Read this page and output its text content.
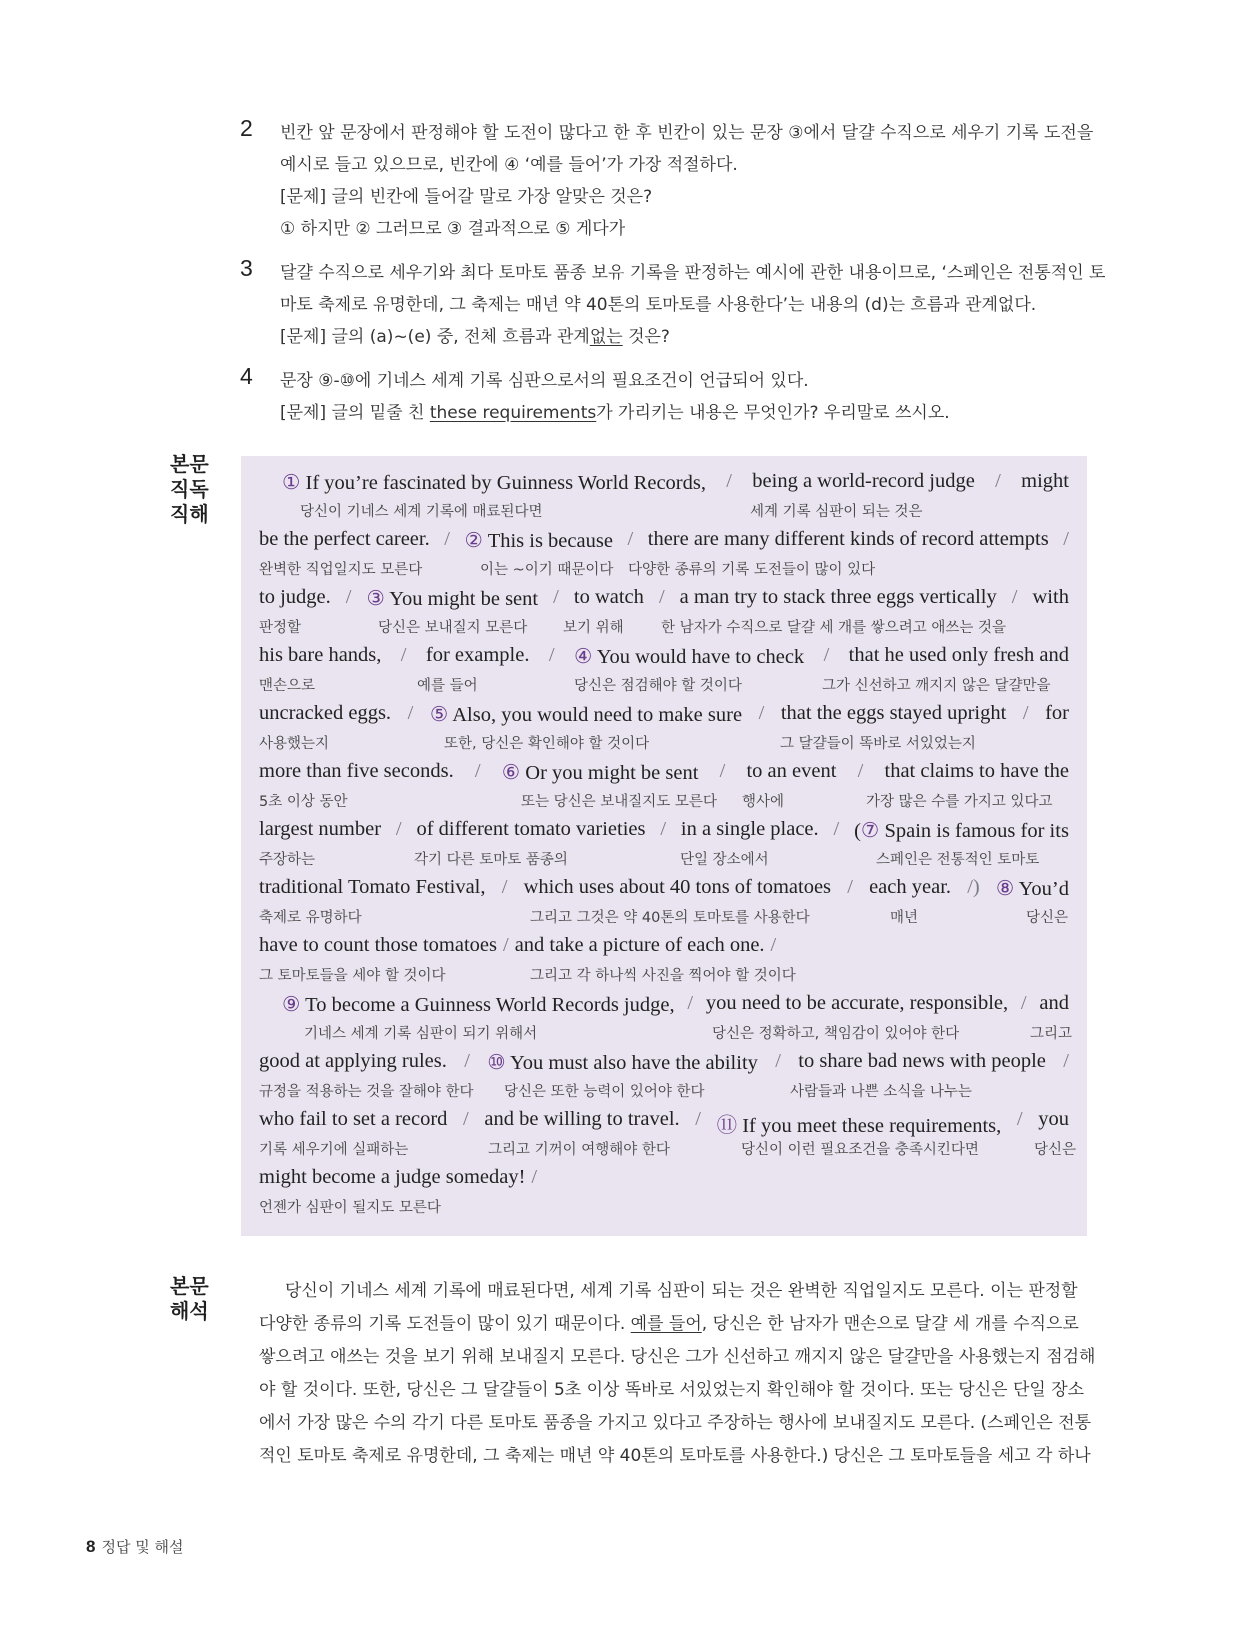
2 빈칸 앞 문장에서 판정해야 할 도전이 많다고 한 후 빈칸이 있는 문장 ③에서 달걀 수직으로 세우기 기록 도전을
예시로 들고 있으므로, 빈칸에 ④ ‘예를 들어’가 가장 적절하다.
[문제] 글의 빈칸에 들어갈 말로 가장 알맞은 것은?
① 하지만 ② 그러므로 ③ 결과적으로 ⑤ 게다가
3 달걀 수직으로 세우기와 최다 토마토 품종 보유 기록을 판정하는 예시에 관한 내용이므로, ‘스페인은 전통적인 토
마토 축제로 유명한데, 그 축제는 매년 약 40톤의 토마토를 사용한다’는 내용의 (d)는 흐름과 관계없다.
[문제] 글의 (a)~(e) 중, 전체 흐름과 관계없는 것은?
4 문장 ⑨-⑩에 기네스 세계 기록 심판으로서의 필요조건이 언급되어 있다.
[문제] 글의 밑줄 친 these requirements가 가리키는 내용은 무엇인가? 우리말로 쓰시오.
본문
직독
직해
본문
해석
① If you’re fascinated by Guinness World Records, / being a world-record judge / might
당신이 기네스 세계 기록에 매료된다면	세계 기록 심판이 되는 것은
be the perfect career. / ② This is because / there are many different kinds of record attempts /
완벽한 직업일지도 모른다	이는 ~이기 때문이다 다양한 종류의 기록 도전들이 많이 있다
to judge. / ③ You might be sent / to watch / a man try to stack three eggs vertically / with
판정할	당신은 보내질지 모른다 보기 위해	한 남자가 수직으로 달걀 세 개를 쌓으려고 애쓰는 것을
his bare hands, / for example. / ④ You would have to check / that he used only fresh and
맨손으로	예를 들어	당신은 점검해야 할 것이다	그가 신선하고 깨지지 않은 달걀만을
uncracked eggs. / ⑤ Also, you would need to make sure / that the eggs stayed upright / for
사용했는지	또한, 당신은 확인해야 할 것이다	그 달걀들이 똑바로 서있었는지
more than five seconds. / ⑥ Or you might be sent / to an event / that claims to have the
5초 이상 동안	또는 당신은 보내질지도 모른다 행사에	가장 많은 수를 가지고 있다고
largest number / of different tomato varieties / in a single place. / (⑦ Spain is famous for its
주장하는	각기 다른 토마토 품종의	단일 장소에서	스페인은 전통적인 토마토
traditional Tomato Festival, / which uses about 40 tons of tomatoes / each year. /) ⑧ You’d
축제로 유명하다	그리고 그것은 약 40톤의 토마토를 사용한다	매년	당신은
have to count those tomatoes / and take a picture of each one. /
그 토마토들을 세야 할 것이다	그리고 각 하나씩 사진을 찍어야 할 것이다
⑨ To become a Guinness World Records judge, / you need to be accurate, responsible, / and
기네스 세계 기록 심판이 되기 위해서	당신은 정확하고, 책임감이 있어야 한다	그리고
good at applying rules. / ⑩ You must also have the ability / to share bad news with people /
규정을 적용하는 것을 잘해야 한다 당신은 또한 능력이 있어야 한다	사람들과 나쁜 소식을 나누는
who fail to set a record / and be willing to travel. / ⑪ If you meet these requirements, / you
기록 세우기에 실패하는	그리고 기꺼이 여행해야 한다	당신이 이런 필요조건을 충족시킨다면	당신은
might become a judge someday! /
언젠가 심판이 될지도 모른다
당신이 기네스 세계 기록에 매료된다면, 세계 기록 심판이 되는 것은 완벽한 직업일지도 모른다. 이는 판정할
다양한 종류의 기록 도전들이 많이 있기 때문이다. 예를 들어, 당신은 한 남자가 맨손으로 달걀 세 개를 수직으로
쌓으려고 애쓰는 것을 보기 위해 보내질지 모른다. 당신은 그가 신선하고 깨지지 않은 달걀만을 사용했는지 점검해
야 할 것이다. 또한, 당신은 그 달걀들이 5초 이상 똑바로 서있었는지 확인해야 할 것이다. 또는 당신은 단일 장소
에서 가장 많은 수의 각기 다른 토마토 품종을 가지고 있다고 주장하는 행사에 보내질지도 모른다. (스페인은 전통
적인 토마토 축제로 유명한데, 그 축제는 매년 약 40톤의 토마토를 사용한다.) 당신은 그 토마토들을 세고 각 하나
8 정답 및 해설
